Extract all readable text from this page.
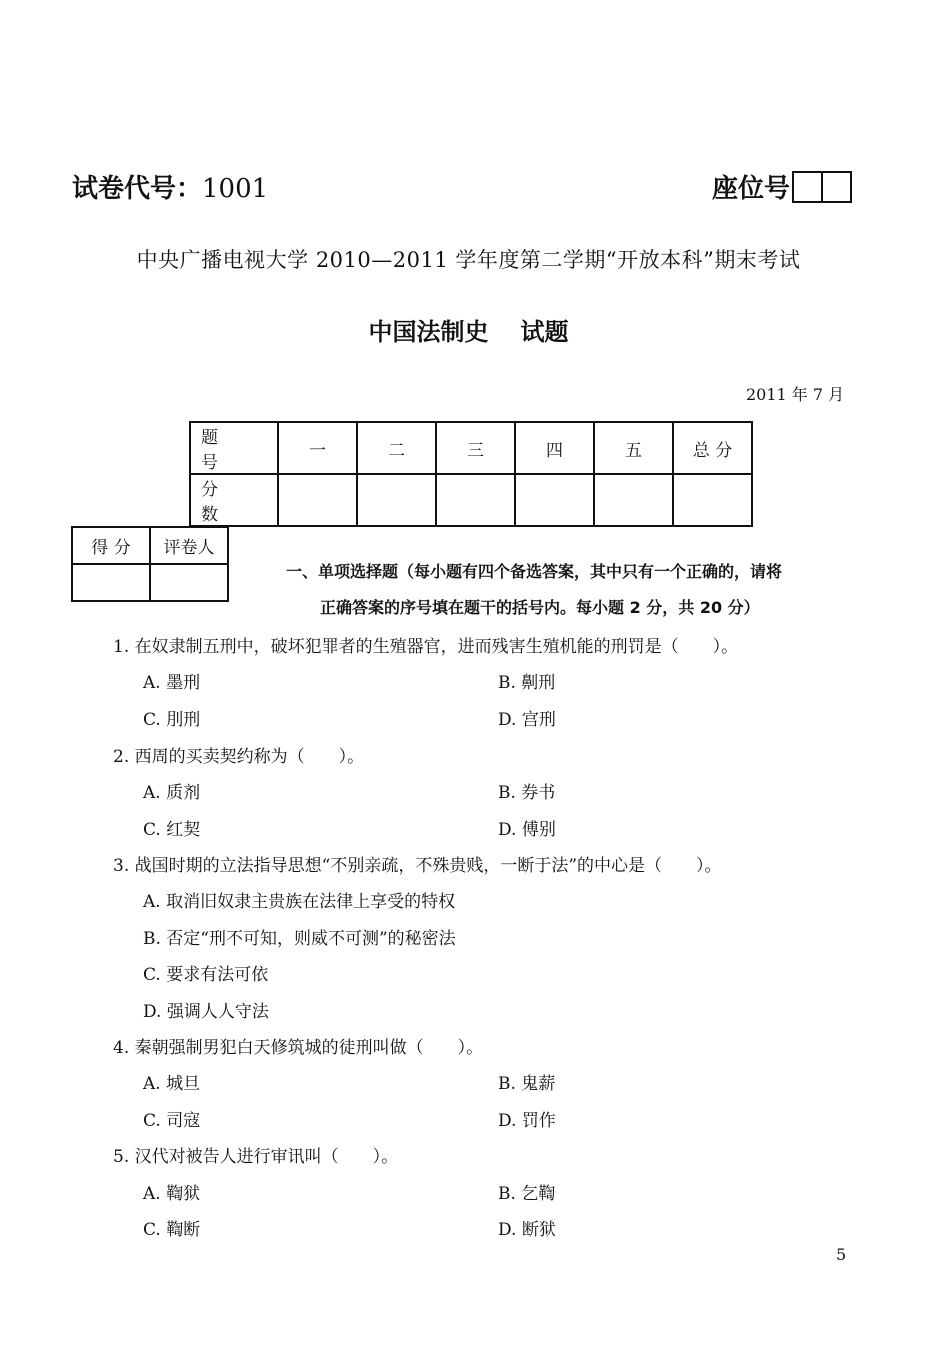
试卷代号：1001	座位号
中央广播电视大学 2010—2011 学年度第二学期“开放本科”期末考试
中国法制史 试题
2011 年 7 月
题 号	一	二	三	四	五	总 分
分 数						
得 分	评卷人

一、单项选择题（每小题有四个备选答案，其中只有一个正确的，请将
正确答案的序号填在题干的括号内。每小题 2 分，共 20 分）
1. 在奴隶制五刑中，破坏犯罪者的生殖器官，进而残害生殖机能的刑罚是（　　）。
A. 墨刑	B. 劓刑
C. 刖刑	D. 宫刑
2. 西周的买卖契约称为（　　）。
A. 质剂	B. 券书
C. 红契	D. 傅别
3. 战国时期的立法指导思想“不别亲疏，不殊贵贱，一断于法”的中心是（　　）。
A. 取消旧奴隶主贵族在法律上享受的特权
B. 否定“刑不可知，则威不可测”的秘密法
C. 要求有法可依
D. 强调人人守法
4. 秦朝强制男犯白天修筑城的徒刑叫做（　　）。
A. 城旦	B. 鬼薪
C. 司寇	D. 罚作
5. 汉代对被告人进行审讯叫（　　）。
A. 鞫狱	B. 乞鞫
C. 鞫断	D. 断狱
5
